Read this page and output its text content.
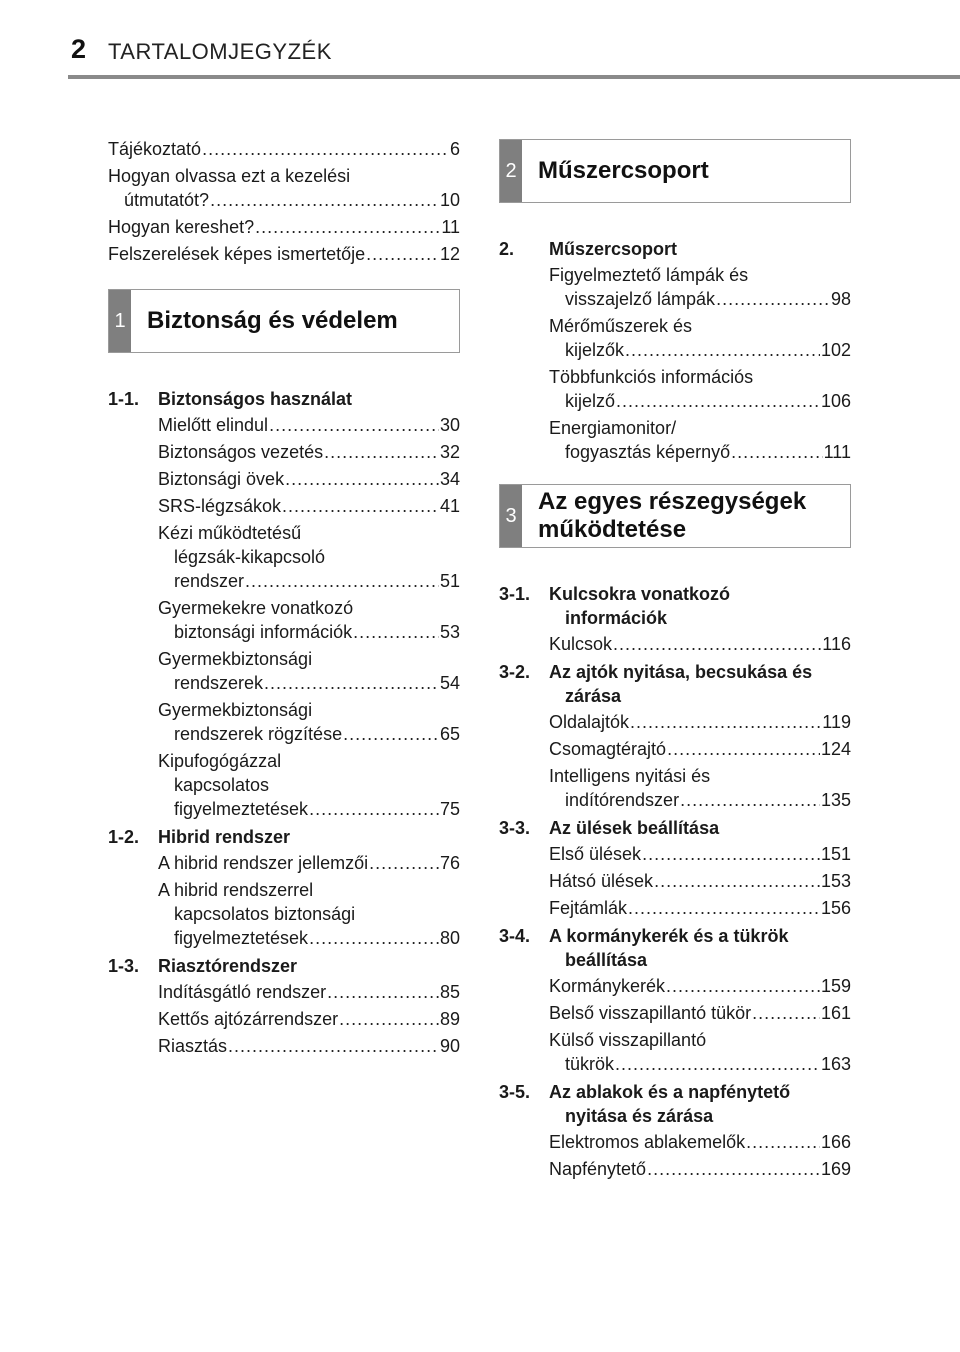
2 TARTALOMJEGYZÉK
Tájékoztató .....	6
Hogyan olvassa ezt a kezelési
útmutatót? .....	10
Hogyan kereshet? .....	11
Felszerelések képes ismertetője .....	12
1 Biztonság és védelem
1-1.	Biztonságos használat
Mielőtt elindul .....	30
Biztonságos vezetés .....	32
Biztonsági övek .....	34
SRS-légzsákok .....	41
Kézi működtetésű
légzsák-kikapcsoló
rendszer .....	51
Gyermekekre vonatkozó
biztonsági információk .....	53
Gyermekbiztonsági
rendszerek .....	54
Gyermekbiztonsági
rendszerek rögzítése .....	65
Kipufogógázzal
kapcsolatos
figyelmeztetések .....	75
1-2.	Hibrid rendszer
A hibrid rendszer jellemzői .....	76
A hibrid rendszerrel
kapcsolatos biztonsági
figyelmeztetések .....	80
1-3.	Riasztórendszer
Indításgátló rendszer .....	85
Kettős ajtózárrendszer .....	89
Riasztás .....	90
2 Műszercsoport
2.	Műszercsoport
Figyelmeztető lámpák és
visszajelző lámpák .....	98
Mérőműszerek és
kijelzők .....	102
Többfunkciós információs
kijelző .....	106
Energiamonitor/
fogyasztás képernyő .....	111
3
Az egyes részegységek
működtetése
3-1.	Kulcsokra vonatkozó
információk
Kulcsok .....	116
3-2.	Az ajtók nyitása, becsukása és
zárása
Oldalajtók .....	119
Csomagtérajtó .....	124
Intelligens nyitási és
indítórendszer .....	135
3-3.	Az ülések beállítása
Első ülések .....	151
Hátsó ülések .....	153
Fejtámlák .....	156
3-4.	A kormánykerék és a tükrök
beállítása
Kormánykerék .....	159
Belső visszapillantó tükör .....	161
Külső visszapillantó
tükrök .....	163
3-5.	Az ablakok és a napfénytető
nyitása és zárása
Elektromos ablakemelők .....	166
Napfénytető .....	169
